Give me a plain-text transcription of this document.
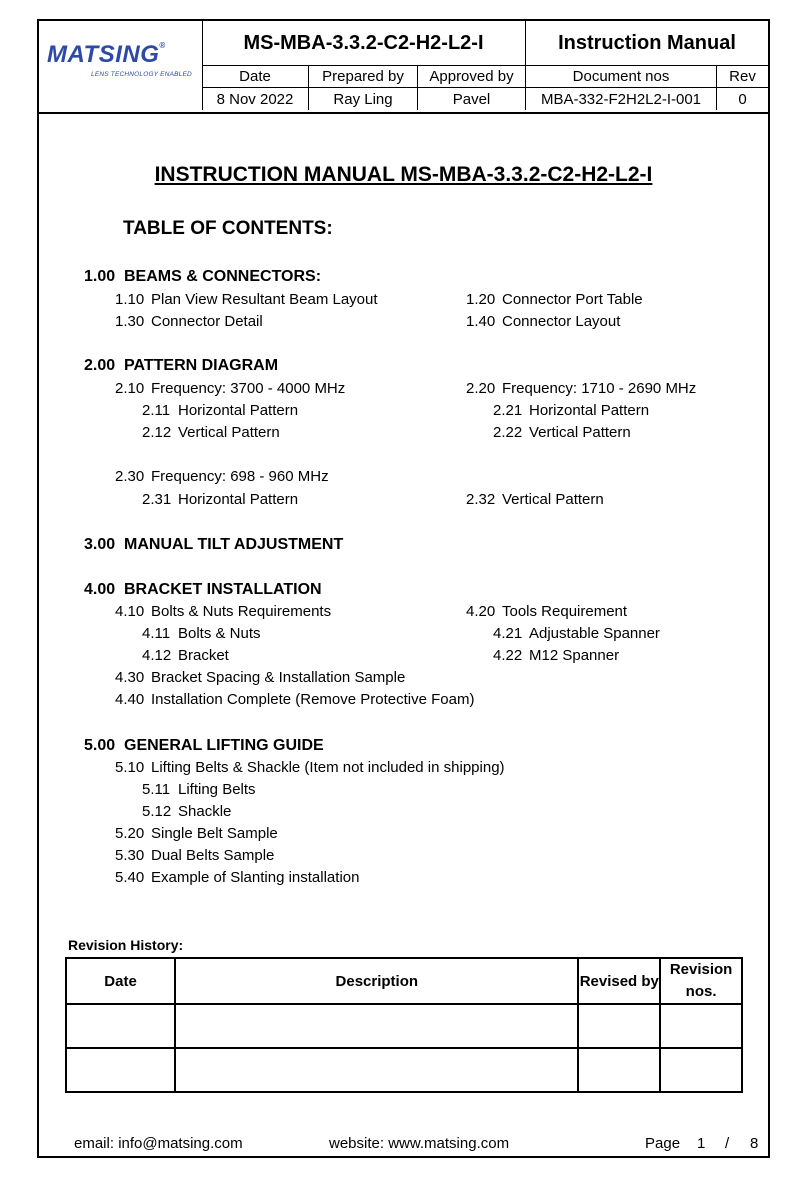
MATSING®
LENS TECHNOLOGY ENABLED
MS-MBA-3.3.2-C2-H2-L2-I	Instruction Manual
Date	Prepared by	Approved by	Document nos	Rev
8 Nov 2022	Ray Ling	Pavel	MBA-332-F2H2L2-I-001	0
INSTRUCTION MANUAL MS-MBA-3.3.2-C2-H2-L2-I
TABLE OF CONTENTS:
1.00 BEAMS & CONNECTORS:
1.10 Plan View Resultant Beam Layout	1.20 Connector Port Table
1.30 Connector Detail	1.40 Connector Layout
2.00 PATTERN DIAGRAM
2.10 Frequency: 3700 - 4000 MHz	2.20 Frequency: 1710 - 2690 MHz
2.11 Horizontal Pattern	2.21 Horizontal Pattern
2.12 Vertical Pattern	2.22 Vertical Pattern
2.30 Frequency: 698 - 960 MHz
2.31 Horizontal Pattern	2.32 Vertical Pattern
3.00 MANUAL TILT ADJUSTMENT
4.00 BRACKET INSTALLATION
4.10 Bolts & Nuts Requirements	4.20 Tools Requirement
4.11 Bolts & Nuts	4.21 Adjustable Spanner
4.12 Bracket	4.22 M12 Spanner
4.30 Bracket Spacing & Installation Sample
4.40 Installation Complete (Remove Protective Foam)
5.00 GENERAL LIFTING GUIDE
5.10 Lifting Belts & Shackle (Item not included in shipping)
5.11 Lifting Belts
5.12 Shackle
5.20 Single Belt Sample
5.30 Dual Belts Sample
5.40 Example of Slanting installation
Revision History:
Date	Description	Revised by	Revision nos.

email: info@matsing.com	website: www.matsing.com	Page 1 / 8
